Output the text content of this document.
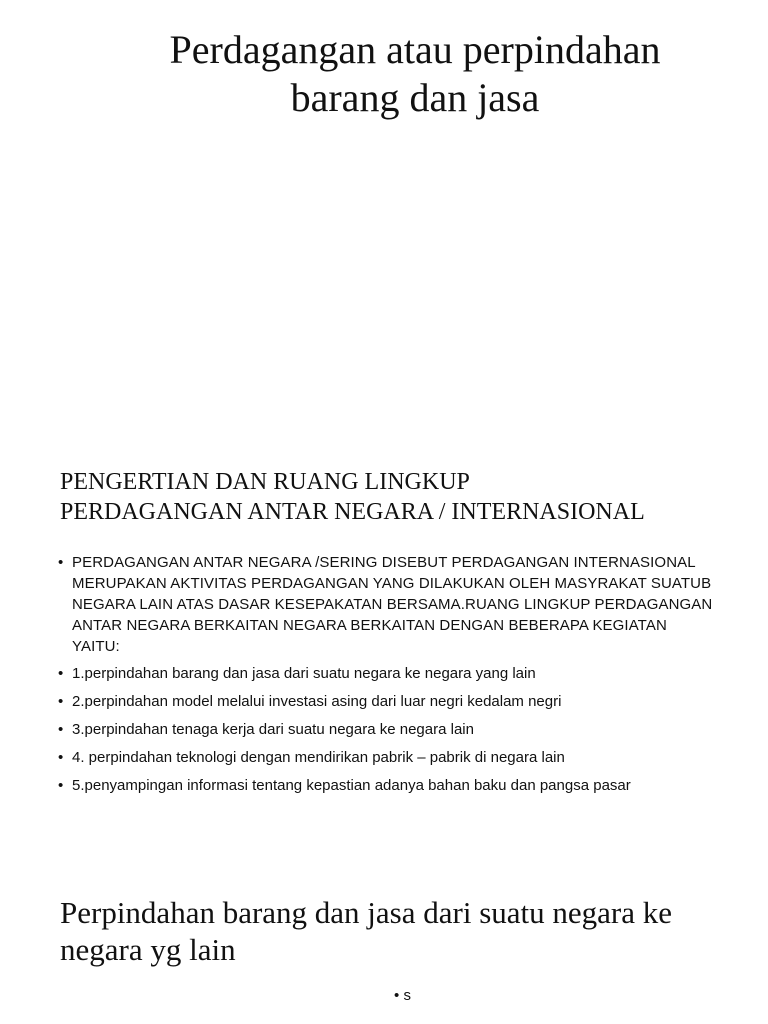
Perdagangan atau perpindahan barang dan jasa
PENGERTIAN DAN RUANG LINGKUP
PERDAGANGAN ANTAR NEGARA / INTERNASIONAL
• PERDAGANGAN ANTAR NEGARA /SERING DISEBUT PERDAGANGAN INTERNASIONAL MERUPAKAN AKTIVITAS PERDAGANGAN YANG DILAKUKAN OLEH MASYRAKAT SUATUB NEGARA LAIN ATAS DASAR KESEPAKATAN BERSAMA.RUANG LINGKUP PERDAGANGAN ANTAR NEGARA BERKAITAN NEGARA BERKAITAN DENGAN BEBERAPA KEGIATAN YAITU:
• 1.perpindahan barang dan jasa dari suatu negara ke negara yang lain
• 2.perpindahan model melalui investasi asing dari luar negri kedalam negri
• 3.perpindahan tenaga kerja dari suatu negara ke negara lain
• 4. perpindahan teknologi dengan mendirikan pabrik – pabrik di negara lain
• 5.penyampingan informasi tentang kepastian adanya bahan baku dan pangsa pasar
Perpindahan barang dan jasa dari suatu negara ke negara yg lain
• s
